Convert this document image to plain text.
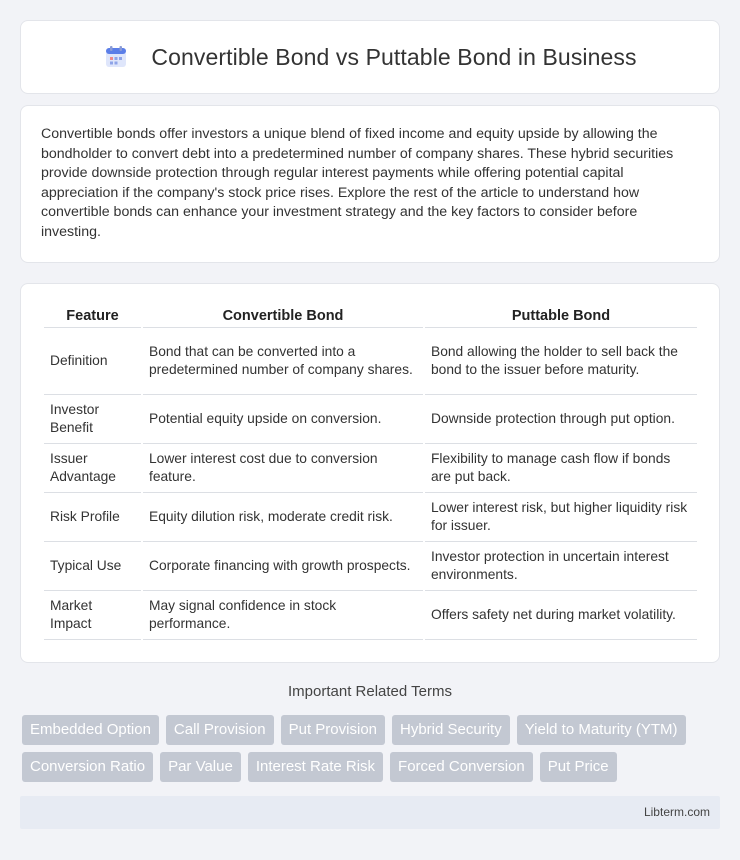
Convertible Bond vs Puttable Bond in Business

Convertible bonds offer investors a unique blend of fixed income and equity upside by allowing the bondholder to convert debt into a predetermined number of company shares. These hybrid securities provide downside protection through regular interest payments while offering potential capital appreciation if the company's stock price rises. Explore the rest of the article to understand how convertible bonds can enhance your investment strategy and the key factors to consider before investing.

Feature	Convertible Bond	Puttable Bond
Definition	Bond that can be converted into a predetermined number of company shares.	Bond allowing the holder to sell back the bond to the issuer before maturity.
Investor Benefit	Potential equity upside on conversion.	Downside protection through put option.
Issuer Advantage	Lower interest cost due to conversion feature.	Flexibility to manage cash flow if bonds are put back.
Risk Profile	Equity dilution risk, moderate credit risk.	Lower interest risk, but higher liquidity risk for issuer.
Typical Use	Corporate financing with growth prospects.	Investor protection in uncertain interest environments.
Market Impact	May signal confidence in stock performance.	Offers safety net during market volatility.
Important Related Terms
Embedded Option	Call Provision	Put Provision	Hybrid Security	Yield to Maturity (YTM)
Conversion Ratio	Par Value	Interest Rate Risk	Forced Conversion	Put Price
Libterm.com
